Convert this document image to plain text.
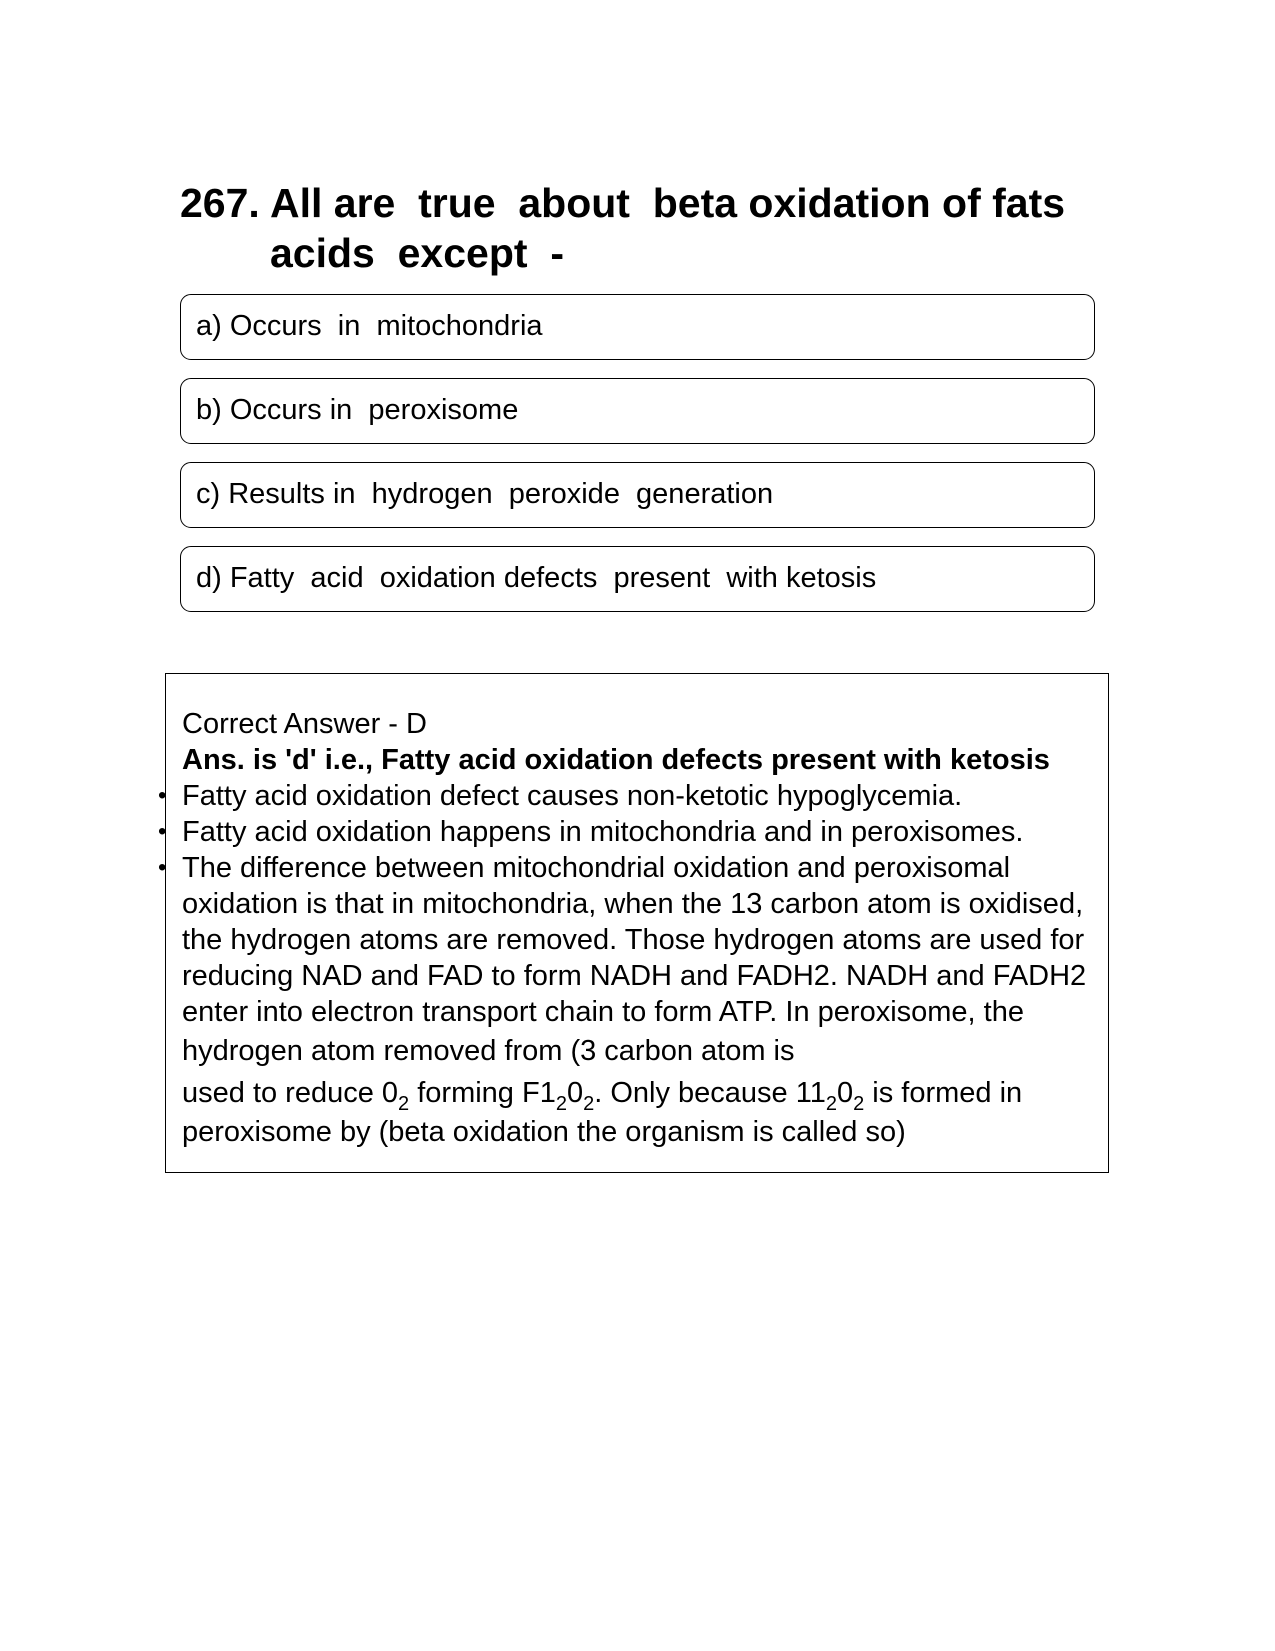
267. All are  true  about  beta oxidation of fats acids  except  -
a) Occurs  in  mitochondria
b) Occurs in  peroxisome
c) Results in  hydrogen  peroxide  generation
d) Fatty  acid  oxidation defects  present  with ketosis

Correct Answer - D

Ans. is 'd' i.e., Fatty acid oxidation defects present with ketosis

• Fatty acid oxidation defect causes non-ketotic hypoglycemia.
• Fatty acid oxidation happens in mitochondria and in peroxisomes.
• The difference between mitochondrial oxidation and peroxisomal oxidation is that in mitochondria, when the 13 carbon atom is oxidised, the hydrogen atoms are removed. Those hydrogen atoms are used for reducing NAD and FAD to form NADH and FADH2. NADH and FADH2 enter into electron transport chain to form ATP. In peroxisome, the hydrogen atom removed from (3 carbon atom is
used to reduce $0_2$ forming $F1_20_2$. Only because $11_20_2$ is formed in
peroxisome by (beta oxidation the organism is called so)
